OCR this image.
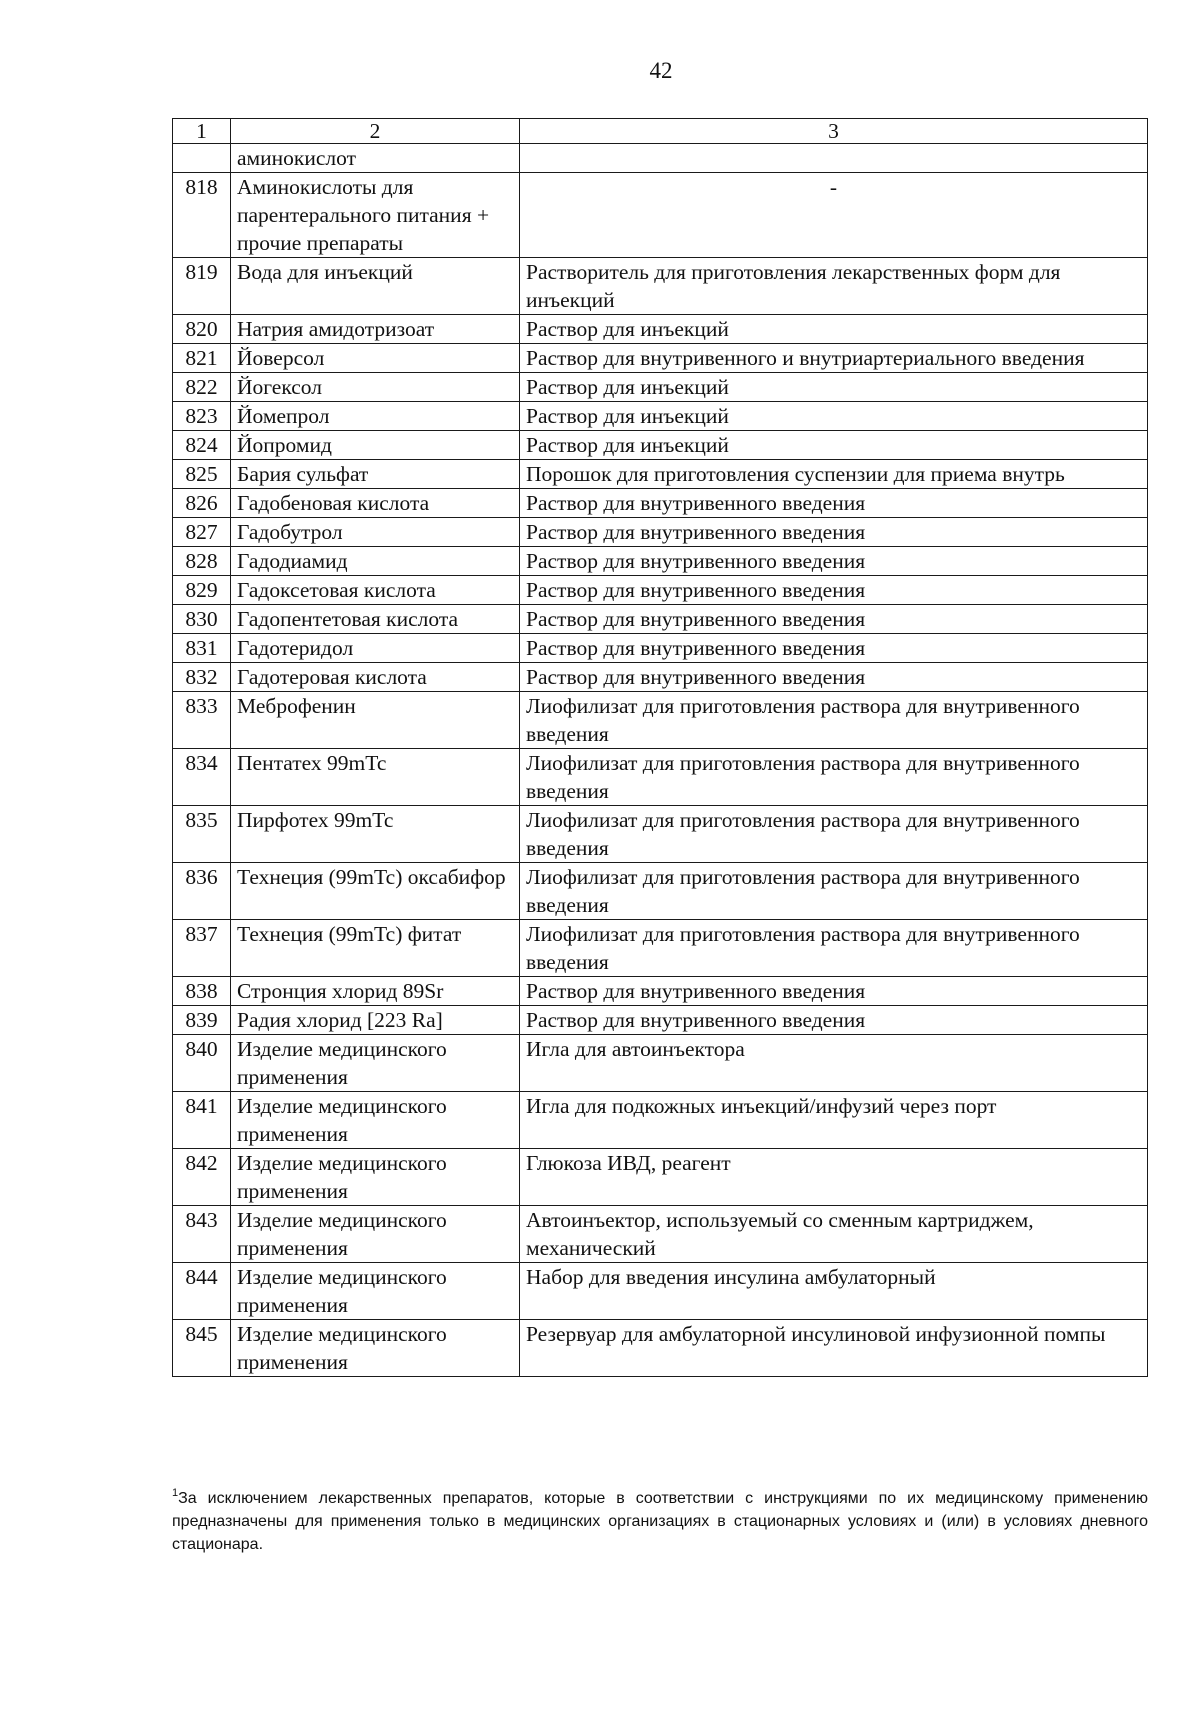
42
1	2	3
	аминокислот	
818	Аминокислоты для парентерального питания + прочие препараты	-
819	Вода для инъекций	Растворитель для приготовления лекарственных форм для инъекций
820	Натрия амидотризоат	Раствор для инъекций
821	Йоверсол	Раствор для внутривенного и внутриартериального введения
822	Йогексол	Раствор для инъекций
823	Йомепрол	Раствор для инъекций
824	Йопромид	Раствор для инъекций
825	Бария сульфат	Порошок для приготовления суспензии для приема внутрь
826	Гадобеновая кислота	Раствор для внутривенного введения
827	Гадобутрол	Раствор для внутривенного введения
828	Гадодиамид	Раствор для внутривенного введения
829	Гадоксетовая кислота	Раствор для внутривенного введения
830	Гадопентетовая кислота	Раствор для внутривенного введения
831	Гадотеридол	Раствор для внутривенного введения
832	Гадотеровая кислота	Раствор для внутривенного введения
833	Меброфенин	Лиофилизат для приготовления раствора для внутривенного введения
834	Пентатех 99mTc	Лиофилизат для приготовления раствора для внутривенного введения
835	Пирфотех 99mTc	Лиофилизат для приготовления раствора для внутривенного введения
836	Технеция (99mTc) оксабифор	Лиофилизат для приготовления раствора для внутривенного введения
837	Технеция (99mTc) фитат	Лиофилизат для приготовления раствора для внутривенного введения
838	Стронция хлорид 89Sr	Раствор для внутривенного введения
839	Радия хлорид [223 Ra]	Раствор для внутривенного введения
840	Изделие медицинского применения	Игла для автоинъектора
841	Изделие медицинского применения	Игла для подкожных инъекций/инфузий через порт
842	Изделие медицинского применения	Глюкоза ИВД, реагент
843	Изделие медицинского применения	Автоинъектор, используемый со сменным картриджем, механический
844	Изделие медицинского применения	Набор для введения инсулина амбулаторный
845	Изделие медицинского применения	Резервуар для амбулаторной инсулиновой инфузионной помпы
$^1$За исключением лекарственных препаратов, которые в соответствии с инструкциями по их медицинскому применению предназначены для применения только в медицинских организациях в стационарных условиях и (или) в условиях дневного стационара.
